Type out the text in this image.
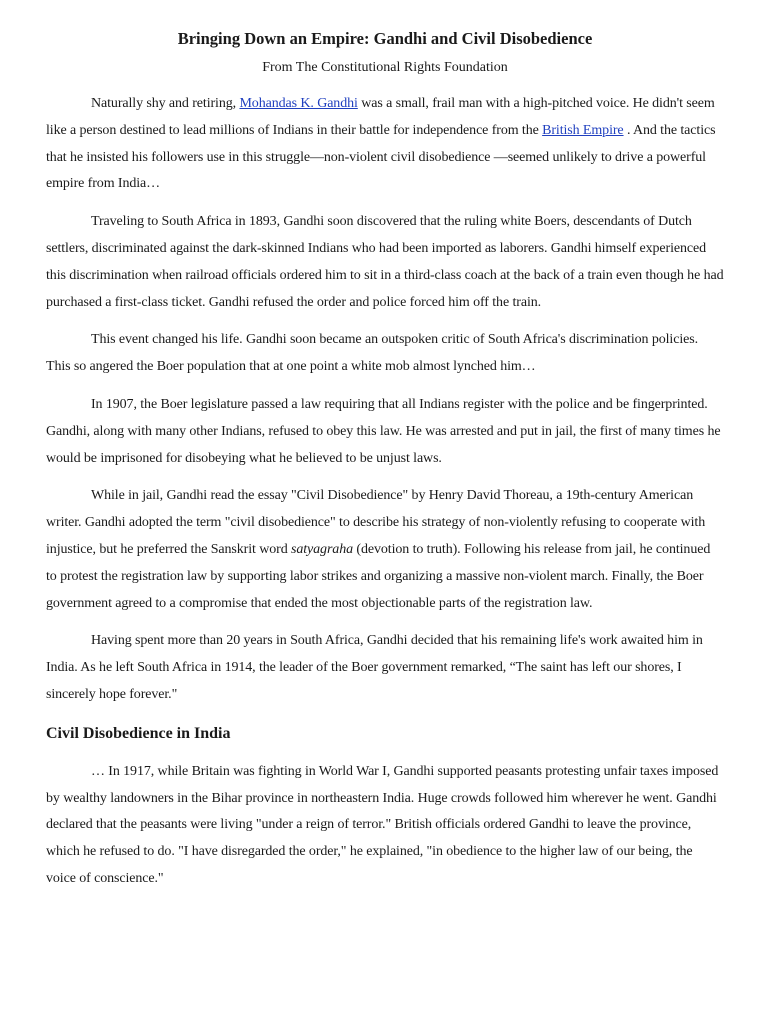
Bringing Down an Empire: Gandhi and Civil Disobedience
From The Constitutional Rights Foundation

Naturally shy and retiring, Mohandas K. Gandhi was a small, frail man with a high-pitched voice. He didn't seem like a person destined to lead millions of Indians in their battle for independence from the British Empire . And the tactics that he insisted his followers use in this struggle—non-violent civil disobedience —seemed unlikely to drive a powerful empire from India…

Traveling to South Africa in 1893, Gandhi soon discovered that the ruling white Boers, descendants of Dutch settlers, discriminated against the dark-skinned Indians who had been imported as laborers. Gandhi himself experienced this discrimination when railroad officials ordered him to sit in a third-class coach at the back of a train even though he had purchased a first-class ticket. Gandhi refused the order and police forced him off the train.

This event changed his life. Gandhi soon became an outspoken critic of South Africa's discrimination policies. This so angered the Boer population that at one point a white mob almost lynched him…

In 1907, the Boer legislature passed a law requiring that all Indians register with the police and be fingerprinted. Gandhi, along with many other Indians, refused to obey this law. He was arrested and put in jail, the first of many times he would be imprisoned for disobeying what he believed to be unjust laws.

While in jail, Gandhi read the essay "Civil Disobedience" by Henry David Thoreau, a 19th-century American writer. Gandhi adopted the term "civil disobedience" to describe his strategy of non-violently refusing to cooperate with injustice, but he preferred the Sanskrit word satyagraha (devotion to truth). Following his release from jail, he continued to protest the registration law by supporting labor strikes and organizing a massive non-violent march. Finally, the Boer government agreed to a compromise that ended the most objectionable parts of the registration law.

Having spent more than 20 years in South Africa, Gandhi decided that his remaining life's work awaited him in India. As he left South Africa in 1914, the leader of the Boer government remarked, “The saint has left our shores, I sincerely hope forever."

Civil Disobedience in India

… In 1917, while Britain was fighting in World War I, Gandhi supported peasants protesting unfair taxes imposed by wealthy landowners in the Bihar province in northeastern India. Huge crowds followed him wherever he went. Gandhi declared that the peasants were living "under a reign of terror." British officials ordered Gandhi to leave the province, which he refused to do. "I have disregarded the order," he explained, "in obedience to the higher law of our being, the voice of conscience."
